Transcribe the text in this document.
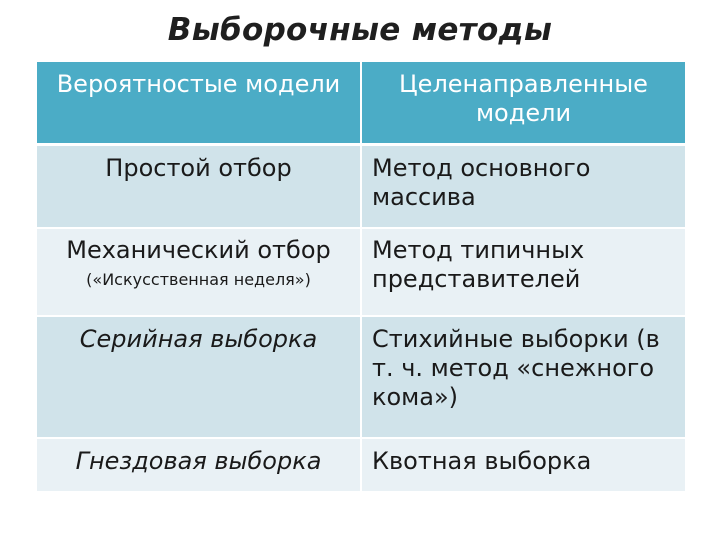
Выборочные методы
Вероятностые модели	Целенаправленные модели
Простой отбор	Метод основного массива
Механический отбор
(«Искусственная неделя»)	Метод типичных представителей
Серийная выборка	Стихийные выборки (в т. ч. метод «снежного кома»)
Гнездовая выборка	Квотная выборка
